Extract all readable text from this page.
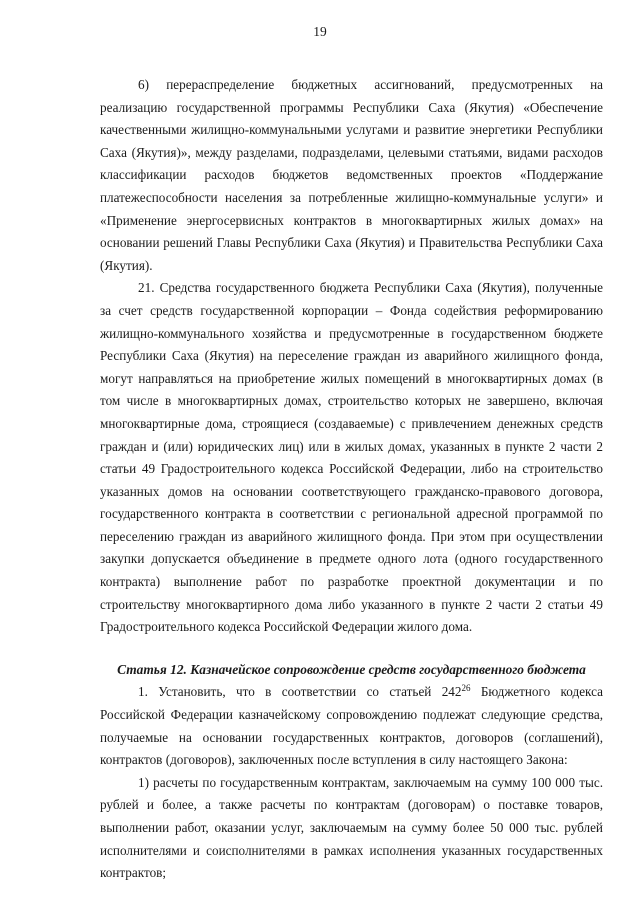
19

6) перераспределение бюджетных ассигнований, предусмотренных на реализацию государственной программы Республики Саха (Якутия) «Обеспечение качественными жилищно-коммунальными услугами и развитие энергетики Республики Саха (Якутия)», между разделами, подразделами, целевыми статьями, видами расходов классификации расходов бюджетов ведомственных проектов «Поддержание платежеспособности населения за потребленные жилищно-коммунальные услуги» и «Применение энергосервисных контрактов в многоквартирных жилых домах» на основании решений Главы Республики Саха (Якутия) и Правительства Республики Саха (Якутия).

21. Средства государственного бюджета Республики Саха (Якутия), полученные за счет средств государственной корпорации – Фонда содействия реформированию жилищно-коммунального хозяйства и предусмотренные в государственном бюджете Республики Саха (Якутия) на переселение граждан из аварийного жилищного фонда, могут направляться на приобретение жилых помещений в многоквартирных домах (в том числе в многоквартирных домах, строительство которых не завершено, включая многоквартирные дома, строящиеся (создаваемые) с привлечением денежных средств граждан и (или) юридических лиц) или в жилых домах, указанных в пункте 2 части 2 статьи 49 Градостроительного кодекса Российской Федерации, либо на строительство указанных домов на основании соответствующего гражданско-правового договора, государственного контракта в соответствии с региональной адресной программой по переселению граждан из аварийного жилищного фонда. При этом при осуществлении закупки допускается объединение в предмете одного лота (одного государственного контракта) выполнение работ по разработке проектной документации и по строительству многоквартирного дома либо указанного в пункте 2 части 2 статьи 49 Градостроительного кодекса Российской Федерации жилого дома.

Статья 12. Казначейское сопровождение средств государственного бюджета

1. Установить, что в соответствии со статьей $242^{26}$ Бюджетного кодекса Российской Федерации казначейскому сопровождению подлежат следующие средства, получаемые на основании государственных контрактов, договоров (соглашений), контрактов (договоров), заключенных после вступления в силу настоящего Закона:

1) расчеты по государственным контрактам, заключаемым на сумму 100 000 тыс. рублей и более, а также расчеты по контрактам (договорам) о поставке товаров, выполнении работ, оказании услуг, заключаемым на сумму более 50 000 тыс. рублей исполнителями и соисполнителями в рамках исполнения указанных государственных контрактов;
